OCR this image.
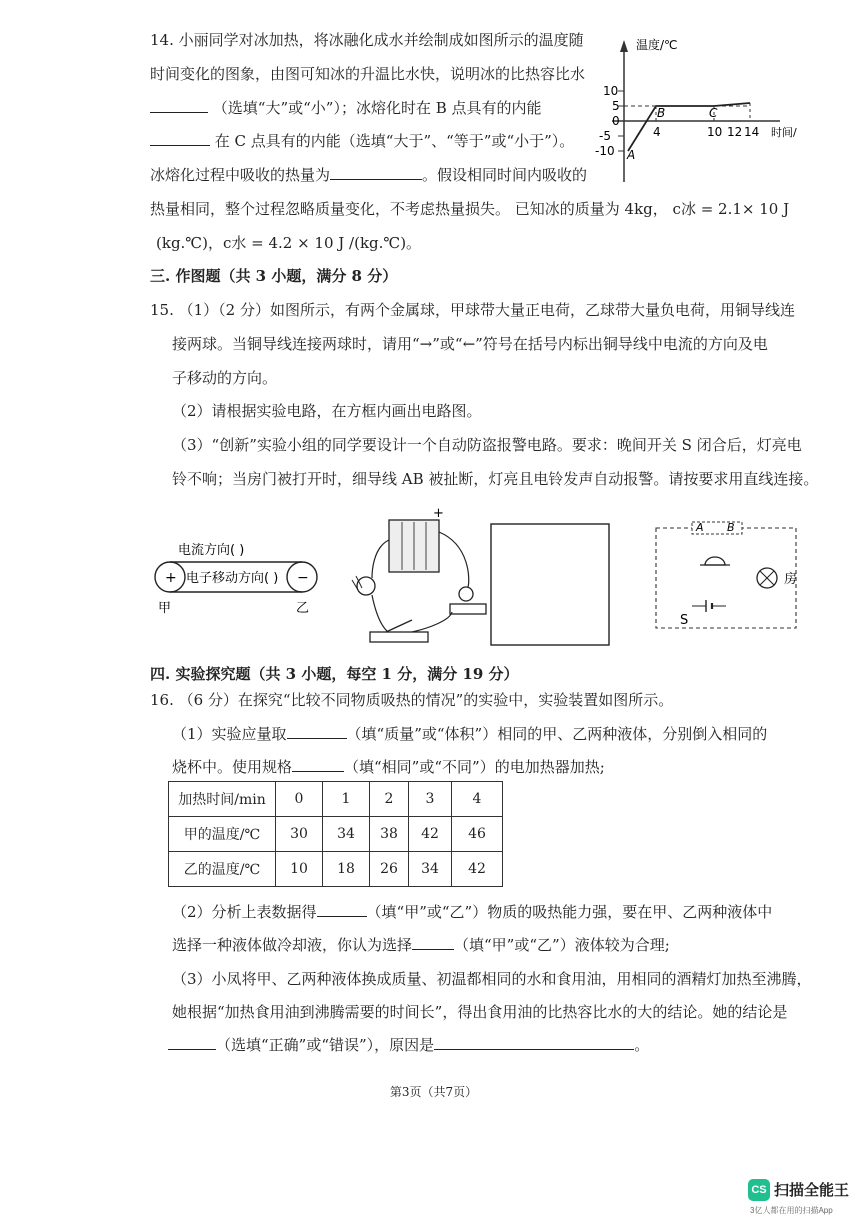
14. 小丽同学对冰加热，将冰融化成水并绘制成如图所示的温度随
时间变化的图象，由图可知冰的升温比水快，说明冰的比热容比水
（选填“大”或“小”）；冰熔化时在 B 点具有的内能
在 C 点具有的内能（选填“大于”、“等于”或“小于”）。
冰熔化过程中吸收的热量为	。假设相同时间内吸收的
热量相同，整个过程忽略质量变化，不考虑热量损失。 已知冰的质量为 4kg， c冰 = 2.1× 10 J
(kg.℃)，c水 = 4.2 × 10 J /(kg.℃)。
温度/℃
10
5
0
-5
-10
4	10 12 14 时间/
A
B	C
三. 作图题（共 3 小题，满分 8 分）
15. （1）（2 分）如图所示，有两个金属球，甲球带大量正电荷，乙球带大量负电荷，用铜导线连
接两球。当铜导线连接两球时，请用“→”或“←”符号在括号内标出铜导线中电流的方向及电
子移动的方向。
（2）请根据实验电路，在方框内画出电路图。
（3）“创新”实验小组的同学要设计一个自动防盗报警电路。要求：晚间开关 S 闭合后，灯亮电
铃不响；当房门被打开时，细导线 AB 被扯断，灯亮且电铃发声自动报警。请按要求用直线连接。
+	−
电流方向( )
电子移动方向( )
甲	乙
+
A B
房
S
四. 实验探究题（共 3 小题，每空 1 分，满分 19 分）
16. （6 分）在探究“比较不同物质吸热的情况”的实验中，实验装置如图所示。
（1）实验应量取	（填“质量”或“体积”）相同的甲、乙两种液体，分别倒入相同的
烧杯中。使用规格	（填“相同”或“不同”）的电加热器加热;
加热时间/min	0	1	2	3	4
甲的温度/℃	30	34	38	42	46
乙的温度/℃	10	18	26	34	42
（2）分析上表数据得	（填“甲”或“乙”）物质的吸热能力强，要在甲、乙两种液体中
选择一种液体做冷却液，你认为选择	（填“甲”或“乙”）液体较为合理;
（3）小凤将甲、乙两种液体换成质量、初温都相同的水和食用油，用相同的酒精灯加热至沸腾，
她根据“加热食用油到沸腾需要的时间长”，得出食用油的比热容比水的大的结论。她的结论是
（选填“正确”或“错误”），原因是	。
第3页（共7页）
CS 扫描全能王
3亿人都在用的扫描App
